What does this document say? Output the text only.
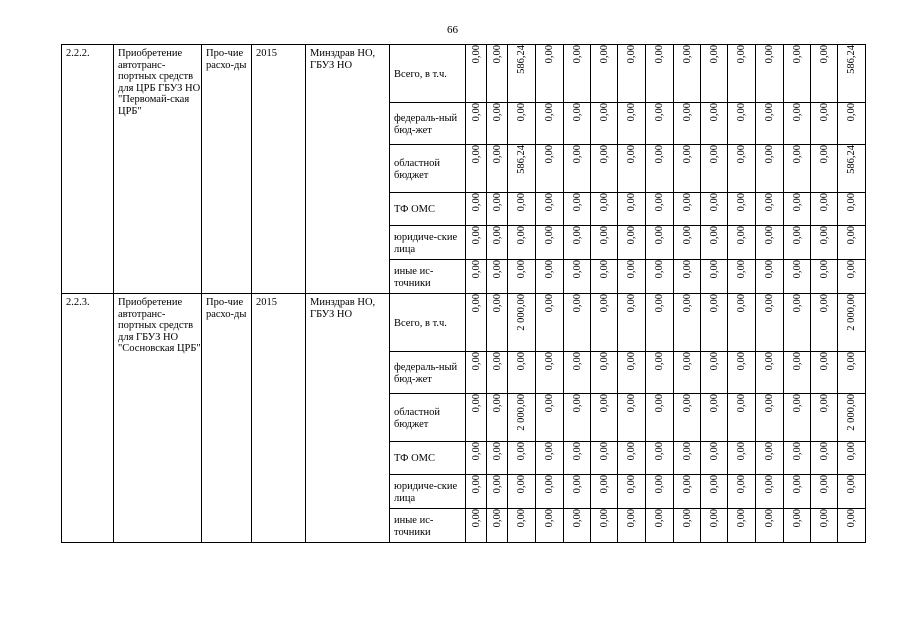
66
2.2.2.	Приобретение автотранс-портных средств для ЦРБ ГБУЗ НО "Первомай-ская ЦРБ"	Про-чие расхо-ды	2015	Минздрав НО, ГБУЗ НО	Всего, в т.ч.	0,00	0,00	586,24	0,00	0,00	0,00	0,00	0,00	0,00	0,00	0,00	0,00	0,00	0,00	586,24
					федераль-ный бюд-жет	0,00	0,00	0,00	0,00	0,00	0,00	0,00	0,00	0,00	0,00	0,00	0,00	0,00	0,00	0,00
					областной бюджет	0,00	0,00	586,24	0,00	0,00	0,00	0,00	0,00	0,00	0,00	0,00	0,00	0,00	0,00	586,24
					ТФ ОМС	0,00	0,00	0,00	0,00	0,00	0,00	0,00	0,00	0,00	0,00	0,00	0,00	0,00	0,00	0,00
					юридиче-ские лица	0,00	0,00	0,00	0,00	0,00	0,00	0,00	0,00	0,00	0,00	0,00	0,00	0,00	0,00	0,00
					иные ис-точники	0,00	0,00	0,00	0,00	0,00	0,00	0,00	0,00	0,00	0,00	0,00	0,00	0,00	0,00	0,00
2.2.3.	Приобретение автотранс-портных средств для ГБУЗ НО "Сосновская ЦРБ"	Про-чие расхо-ды	2015	Минздрав НО, ГБУЗ НО	Всего, в т.ч.	0,00	0,00	2 000,00	0,00	0,00	0,00	0,00	0,00	0,00	0,00	0,00	0,00	0,00	0,00	2 000,00
					федераль-ный бюд-жет	0,00	0,00	0,00	0,00	0,00	0,00	0,00	0,00	0,00	0,00	0,00	0,00	0,00	0,00	0,00
					областной бюджет	0,00	0,00	2 000,00	0,00	0,00	0,00	0,00	0,00	0,00	0,00	0,00	0,00	0,00	0,00	2 000,00
					ТФ ОМС	0,00	0,00	0,00	0,00	0,00	0,00	0,00	0,00	0,00	0,00	0,00	0,00	0,00	0,00	0,00
					юридиче-ские лица	0,00	0,00	0,00	0,00	0,00	0,00	0,00	0,00	0,00	0,00	0,00	0,00	0,00	0,00	0,00
					иные ис-точники	0,00	0,00	0,00	0,00	0,00	0,00	0,00	0,00	0,00	0,00	0,00	0,00	0,00	0,00	0,00
